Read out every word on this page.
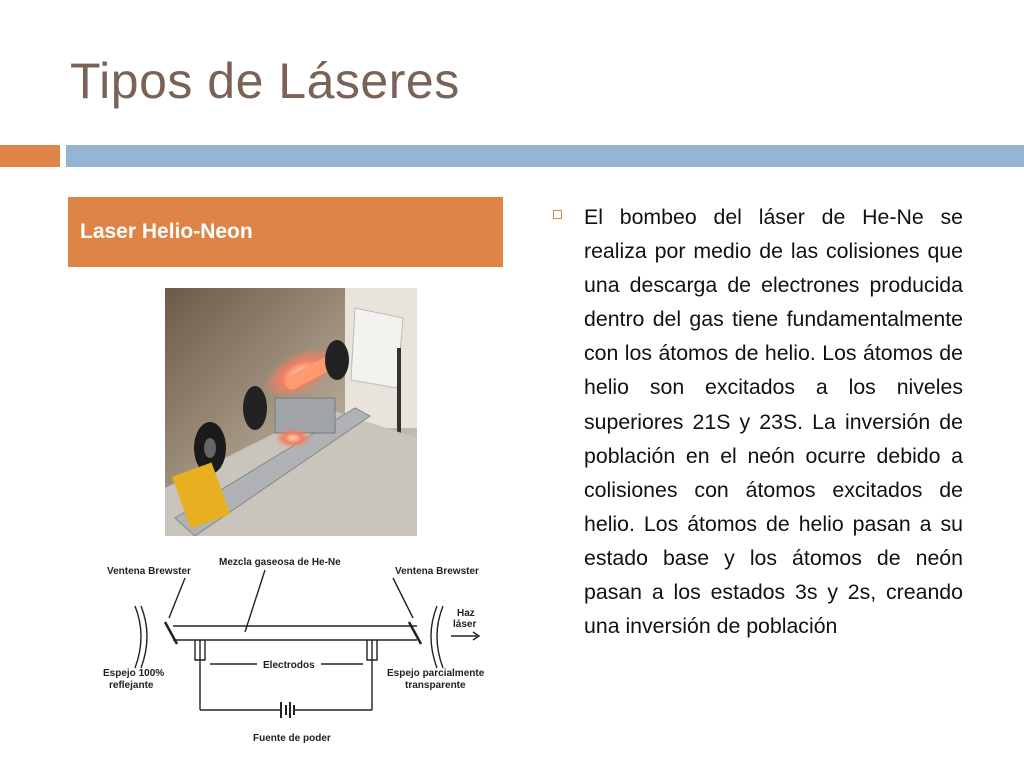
Tipos de Láseres
Laser Helio-Neon
Ventena Brewster
Mezcla gaseosa de He-Ne
Ventena Brewster
Haz
láser
Espejo 100%
reflejante
Electrodos
Espejo parcialmente
transparente
Fuente de poder
El bombeo del láser de He-Ne se realiza por medio de las colisiones que una descarga de electrones producida dentro del gas tiene fundamentalmente con los átomos de helio. Los átomos de helio son excitados a los niveles superiores 21S y 23S. La inversión de población en el neón ocurre debido a colisiones con átomos excitados de helio. Los átomos de helio pasan a su estado base y los átomos de neón pasan a los estados 3s y 2s, creando una inversión de población
